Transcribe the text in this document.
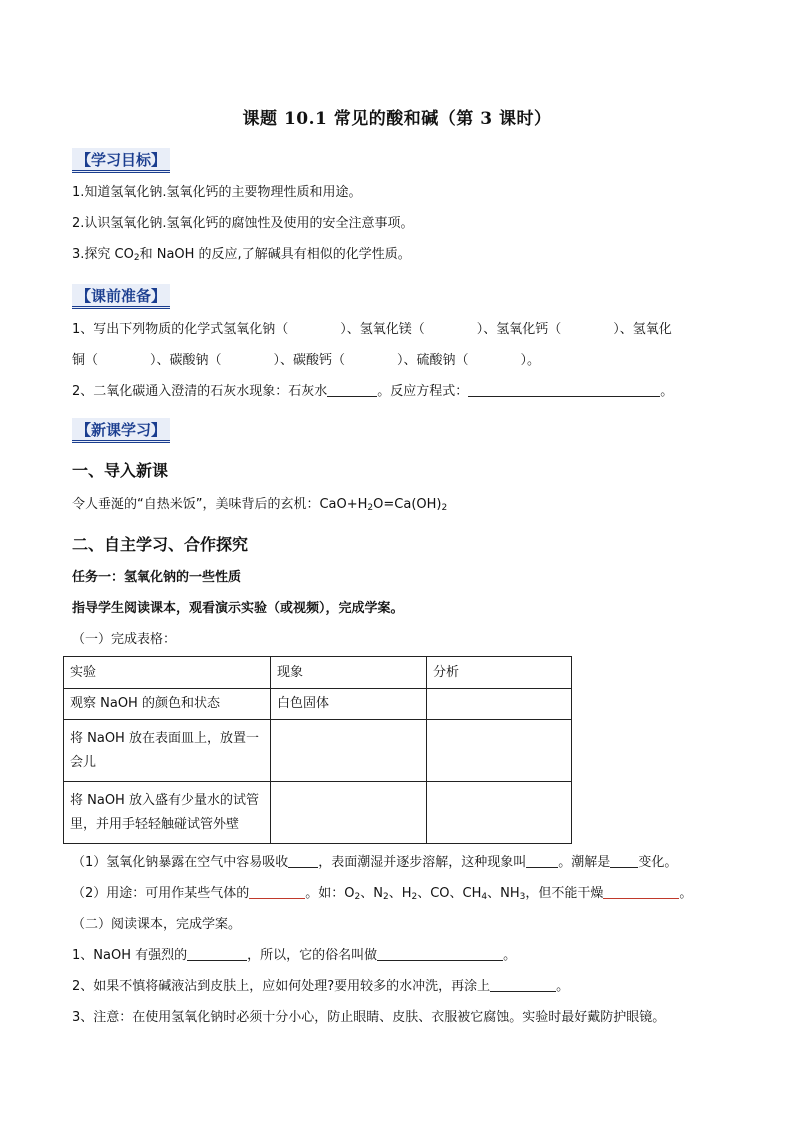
课题 10.1 常见的酸和碱（第 3 课时）
【学习目标】
1.知道氢氧化钠.氢氧化钙的主要物理性质和用途。
2.认识氢氧化钠.氢氧化钙的腐蚀性及使用的安全注意事项。
3.探究 $CO_2$和 NaOH 的反应,了解碱具有相似的化学性质。
【课前准备】
1、写出下列物质的化学式氢氧化钠（　　　　）、氢氧化镁（　　　　）、氢氧化钙（　　　　）、氢氧化
铜（　　　　）、碳酸钠（　　　　）、碳酸钙（　　　　）、硫酸钠（　　　　）。
2、二氧化碳通入澄清的石灰水现象：石灰水	。反应方程式：	。
【新课学习】
一、导入新课
令人垂涎的“自热米饭”，美味背后的玄机：$CaO+H_2O=Ca(OH)_2$
二、自主学习、合作探究
任务一：氢氧化钠的一些性质
指导学生阅读课本，观看演示实验（或视频），完成学案。
（一）完成表格：
实验	现象	分析
观察 NaOH 的颜色和状态	白色固体	
将 NaOH 放在表面皿上，放置一会儿		
将 NaOH 放入盛有少量水的试管里，并用手轻轻触碰试管外壁		
（1）氢氧化钠暴露在空气中容易吸收 ，表面潮湿并逐步溶解，这种现象叫 。潮解是 变化。
（2）用途：可用作某些气体的	。如：$O_2$、$N_2$、$H_2$、CO、$CH_4$、$NH_3$，但不能干燥	。
（二）阅读课本，完成学案。
1、NaOH 有强烈的	，所以，它的俗名叫做	。
2、如果不慎将碱液沾到皮肤上，应如何处理?要用较多的水冲洗，再涂上	。
3、注意：在使用氢氧化钠时必须十分小心，防止眼睛、皮肤、衣服被它腐蚀。实验时最好戴防护眼镜。
